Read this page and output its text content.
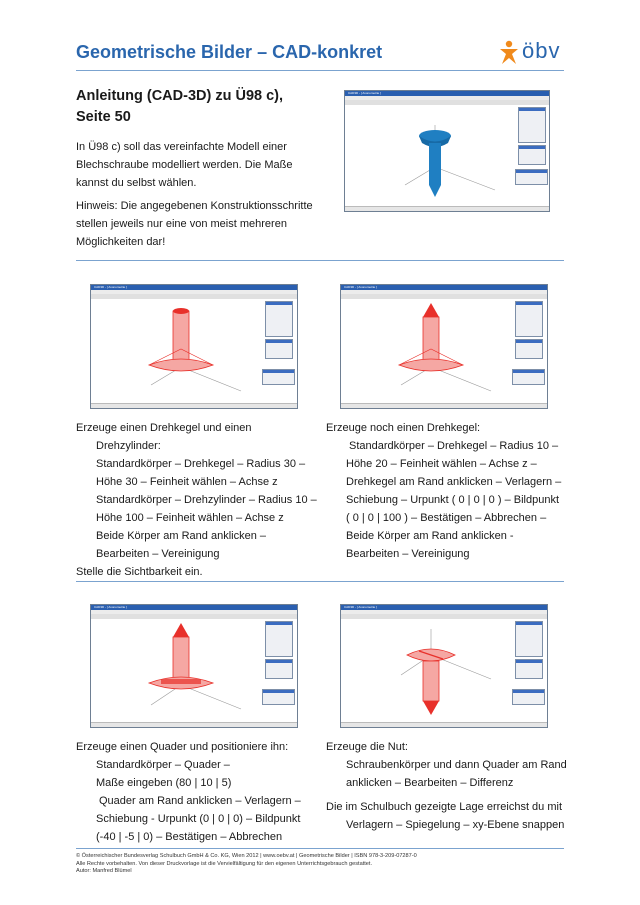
Geometrische Bilder – CAD-konkret	öbv
Anleitung (CAD-3D) zu Ü98 c),
Seite 50

In Ü98 c) soll das vereinfachte Modell einer

Blechschraube modelliert werden. Die Maße

kannst du selbst wählen.

Hinweis: Die angegebenen Konstruktionsschritte

stellen jeweils nur eine von meist mehreren

Möglichkeiten dar!

CAD3D - [ Axonometrie ]
CAD3D - [ Axonometrie ]	CAD3D - [ Axonometrie ]

Erzeuge einen Drehkegel und einen

Drehzylinder:

Standardkörper – Drehkegel – Radius 30 –

Höhe 30 – Feinheit wählen – Achse z

Standardkörper – Drehzylinder – Radius 10 –

Höhe 100 – Feinheit wählen – Achse z

Beide Körper am Rand anklicken –

Bearbeiten – Vereinigung

Stelle die Sichtbarkeit ein.

Erzeuge noch einen Drehkegel:

Standardkörper – Drehkegel – Radius 10 –

Höhe 20 – Feinheit wählen – Achse z –

Drehkegel am Rand anklicken – Verlagern –

Schiebung – Urpunkt ( 0 | 0 | 0 ) – Bildpunkt

( 0 | 0 | 100 ) – Bestätigen – Abbrechen –

Beide Körper am Rand anklicken -

Bearbeiten – Vereinigung

CAD3D - [ Axonometrie ]	CAD3D - [ Axonometrie ]

Erzeuge einen Quader und positioniere ihn:

Standardkörper – Quader –

Maße eingeben (80 | 10 | 5)

Quader am Rand anklicken – Verlagern –

Schiebung - Urpunkt (0 | 0 | 0) – Bildpunkt

(-40 | -5 | 0) – Bestätigen – Abbrechen

Erzeuge die Nut:

Schraubenkörper und dann Quader am Rand

anklicken – Bearbeiten – Differenz

Die im Schulbuch gezeigte Lage erreichst du mit

Verlagern – Spiegelung – xy-Ebene snappen

© Österreichischer Bundesverlag Schulbuch GmbH & Co. KG, Wien 2012 | www.oebv.at | Geometrische Bilder | ISBN 978-3-209-07287-0
Alle Rechte vorbehalten. Von dieser Druckvorlage ist die Vervielfältigung für den eigenen Unterrichtsgebrauch gestattet.
Autor: Manfred Blümel
